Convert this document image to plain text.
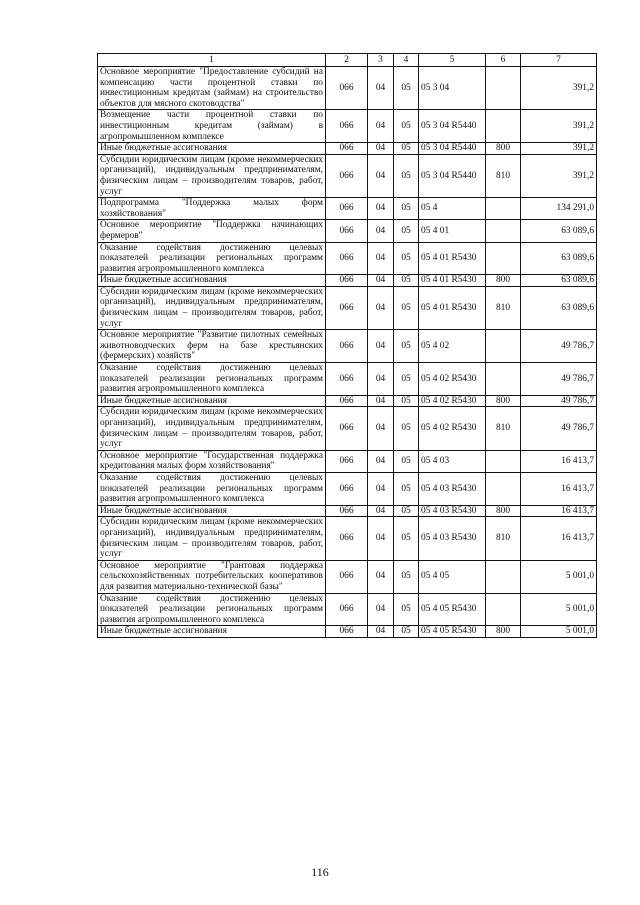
1	2	3	4	5	6	7
Основное мероприятие "Предоставление субсидий на компенсацию части процентной ставки по инвестиционным кредитам (займам) на строительство объектов для мясного скотоводства"	066	04	05	05 3 04		391,2
Возмещение части процентной ставки по инвестиционным кредитам (займам) в агропромышленном комплексе	066	04	05	05 3 04 R5440		391,2
Иные бюджетные ассигнования	066	04	05	05 3 04 R5440	800	391,2
Субсидии юридическим лицам (кроме некоммерческих организаций), индивидуальным предпринимателям, физическим лицам – производителям товаров, работ, услуг	066	04	05	05 3 04 R5440	810	391,2
Подпрограмма "Поддержка малых форм хозяйствования"	066	04	05	05 4		134 291,0
Основное мероприятие "Поддержка начинающих фермеров"	066	04	05	05 4 01		63 089,6
Оказание содействия достижению целевых показателей реализации региональных программ развития агропромышленного комплекса	066	04	05	05 4 01 R5430		63 089,6
Иные бюджетные ассигнования	066	04	05	05 4 01 R5430	800	63 089,6
Субсидии юридическим лицам (кроме некоммерческих организаций), индивидуальным предпринимателям, физическим лицам – производителям товаров, работ, услуг	066	04	05	05 4 01 R5430	810	63 089,6
Основное мероприятие "Развитие пилотных семейных животноводческих ферм на базе крестьянских (фермерских) хозяйств"	066	04	05	05 4 02		49 786,7
Оказание содействия достижению целевых показателей реализации региональных программ развития агропромышленного комплекса	066	04	05	05 4 02 R5430		49 786,7
Иные бюджетные ассигнования	066	04	05	05 4 02 R5430	800	49 786,7
Субсидии юридическим лицам (кроме некоммерческих организаций), индивидуальным предпринимателям, физическим лицам – производителям товаров, работ, услуг	066	04	05	05 4 02 R5430	810	49 786,7
Основное мероприятие "Государственная поддержка кредитования малых форм хозяйствования"	066	04	05	05 4 03		16 413,7
Оказание содействия достижению целевых показателей реализации региональных программ развития агропромышленного комплекса	066	04	05	05 4 03 R5430		16 413,7
Иные бюджетные ассигнования	066	04	05	05 4 03 R5430	800	16 413,7
Субсидии юридическим лицам (кроме некоммерческих организаций), индивидуальным предпринимателям, физическим лицам – производителям товаров, работ, услуг	066	04	05	05 4 03 R5430	810	16 413,7
Основное мероприятие "Грантовая поддержка сельскохозяйственных потребительских кооперативов для развития материально-технической базы"	066	04	05	05 4 05		5 001,0
Оказание содействия достижению целевых показателей реализации региональных программ развития агропромышленного комплекса	066	04	05	05 4 05 R5430		5 001,0
Иные бюджетные ассигнования	066	04	05	05 4 05 R5430	800	5 001,0
116
